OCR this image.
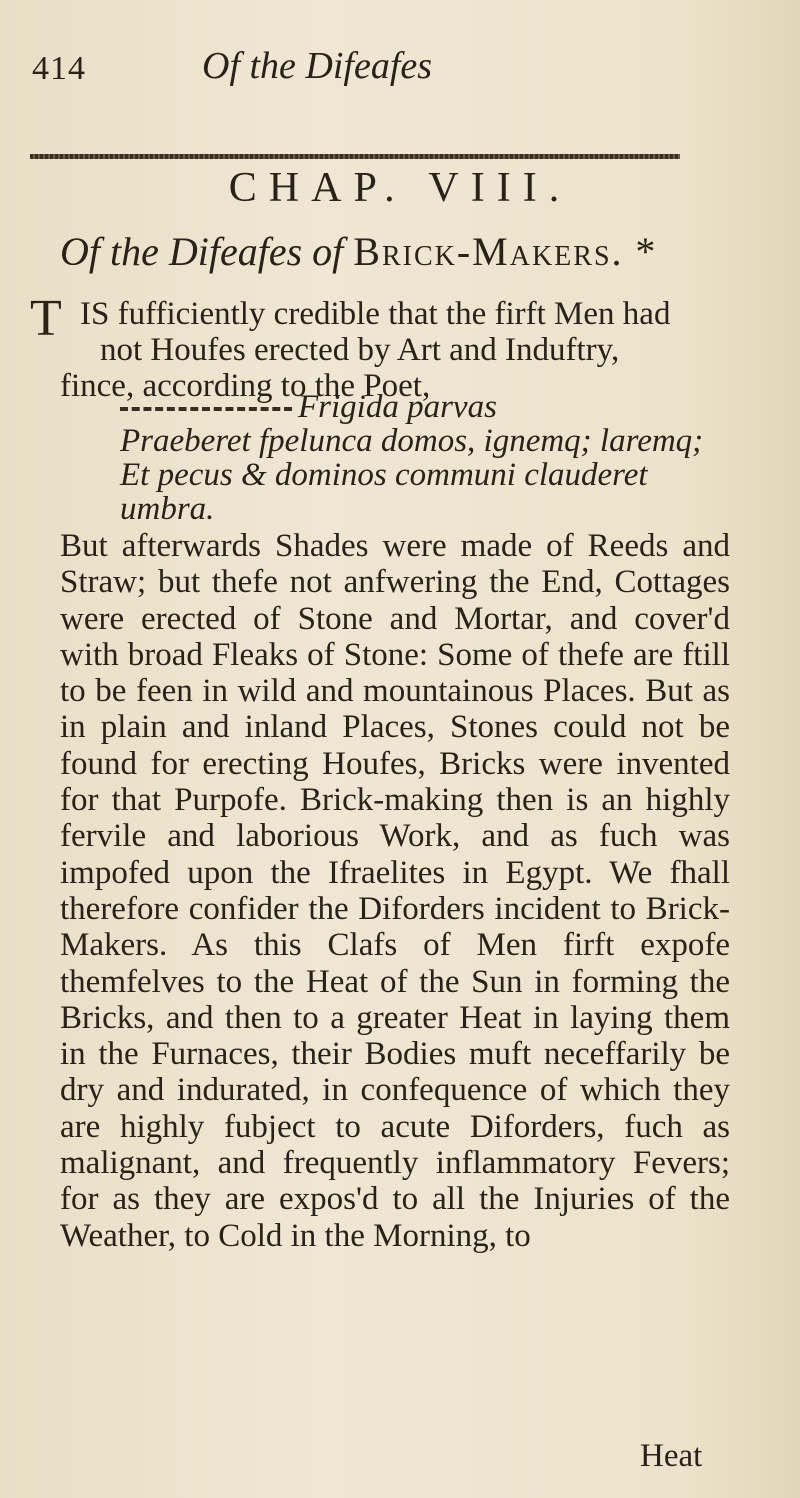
414	Of the Difeafes
CHAP. VIII.
Of the Difeafes of Brick-Makers. *
T IS fufficiently credible that the firft Men had
not Houfes erected by Art and Induftry,
fince, according to the Poet,
Frigida parvas
Praeberet fpelunca domos, ignemq; laremq;
Et pecus & dominos communi clauderet umbra.

But afterwards Shades were made of Reeds and Straw; but thefe not anfwering the End, Cottages were erected of Stone and Mortar, and cover'd with broad Fleaks of Stone: Some of thefe are ftill to be feen in wild and mountainous Places. But as in plain and inland Places, Stones could not be found for erecting Houfes, Bricks were invented for that Purpofe. Brick-making then is an highly fervile and laborious Work, and as fuch was impofed upon the Ifraelites in Egypt. We fhall therefore confider the Diforders incident to Brick-Makers. As this Clafs of Men firft expofe themfelves to the Heat of the Sun in forming the Bricks, and then to a greater Heat in laying them in the Furnaces, their Bodies muft neceffarily be dry and indurated, in confequence of which they are highly fubject to acute Diforders, fuch as malignant, and frequently inflammatory Fevers; for as they are expos'd to all the Injuries of the Weather, to Cold in the Morning, to

Heat
